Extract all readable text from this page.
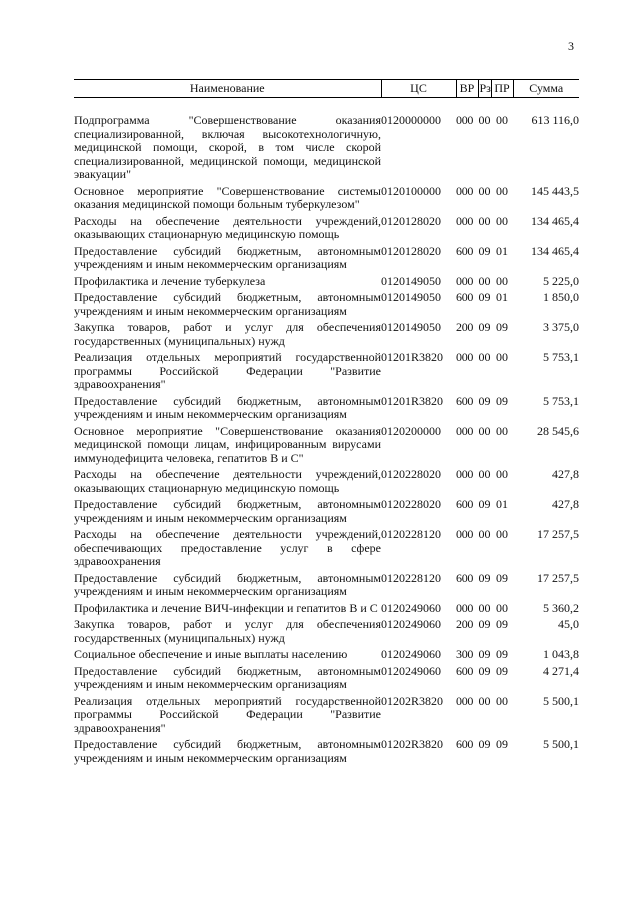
3

Наименование	ЦС	ВР	Рз	ПР	Сумма

Подпрограмма "Совершенствование оказания специализированной, включая высокотехнологичную, медицинской помощи, скорой, в том числе скорой специализированной, медицинской помощи, медицинской эвакуации"	0120000000	000	00	00	613 116,0
Основное мероприятие "Совершенствование системы оказания медицинской помощи больным туберкулезом"	0120100000	000	00	00	145 443,5
Расходы на обеспечение деятельности учреждений, оказывающих стационарную медицинскую помощь	0120128020	000	00	00	134 465,4
Предоставление субсидий бюджетным, автономным учреждениям и иным некоммерческим организациям	0120128020	600	09	01	134 465,4
Профилактика и лечение туберкулеза	0120149050	000	00	00	5 225,0
Предоставление субсидий бюджетным, автономным учреждениям и иным некоммерческим организациям	0120149050	600	09	01	1 850,0
Закупка товаров, работ и услуг для обеспечения государственных (муниципальных) нужд	0120149050	200	09	09	3 375,0
Реализация отдельных мероприятий государственной программы Российской Федерации "Развитие здравоохранения"	01201R3820	000	00	00	5 753,1
Предоставление субсидий бюджетным, автономным учреждениям и иным некоммерческим организациям	01201R3820	600	09	09	5 753,1
Основное мероприятие "Совершенствование оказания медицинской помощи лицам, инфицированным вирусами иммунодефицита человека, гепатитов В и С"	0120200000	000	00	00	28 545,6
Расходы на обеспечение деятельности учреждений, оказывающих стационарную медицинскую помощь	0120228020	000	00	00	427,8
Предоставление субсидий бюджетным, автономным учреждениям и иным некоммерческим организациям	0120228020	600	09	01	427,8
Расходы на обеспечение деятельности учреждений, обеспечивающих предоставление услуг в сфере здравоохранения	0120228120	000	00	00	17 257,5
Предоставление субсидий бюджетным, автономным учреждениям и иным некоммерческим организациям	0120228120	600	09	09	17 257,5
Профилактика и лечение ВИЧ-инфекции и гепатитов В и С	0120249060	000	00	00	5 360,2
Закупка товаров, работ и услуг для обеспечения государственных (муниципальных) нужд	0120249060	200	09	09	45,0
Социальное обеспечение и иные выплаты населению	0120249060	300	09	09	1 043,8
Предоставление субсидий бюджетным, автономным учреждениям и иным некоммерческим организациям	0120249060	600	09	09	4 271,4
Реализация отдельных мероприятий государственной программы Российской Федерации "Развитие здравоохранения"	01202R3820	000	00	00	5 500,1
Предоставление субсидий бюджетным, автономным учреждениям и иным некоммерческим организациям	01202R3820	600	09	09	5 500,1
